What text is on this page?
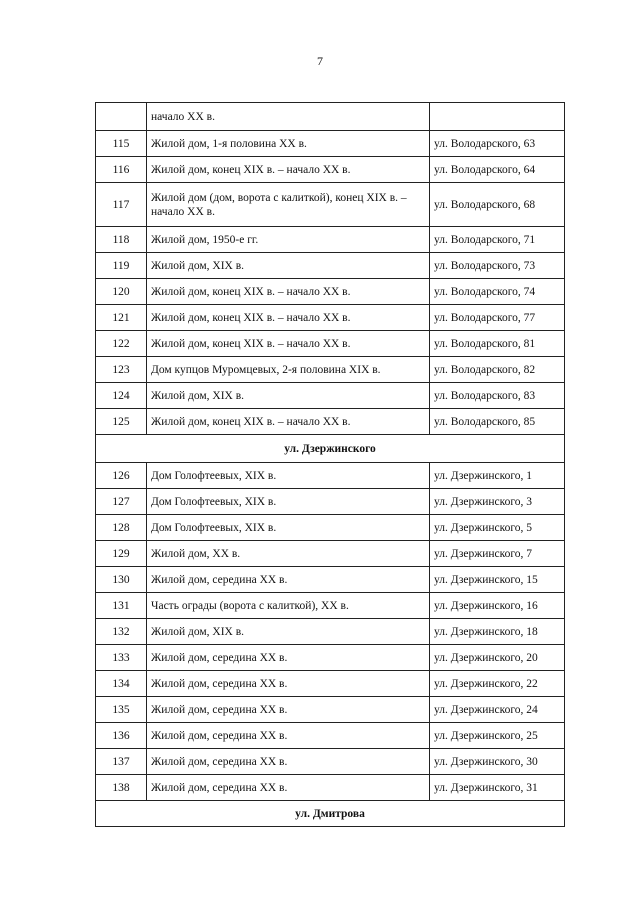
7
	начало XX в.	
115	Жилой дом, 1-я половина XX в.	ул. Володарского, 63
116	Жилой дом, конец XIX в. – начало XX в.	ул. Володарского, 64
117	Жилой дом (дом, ворота с калиткой), конец XIX в. – начало XX в.	ул. Володарского, 68
118	Жилой дом, 1950-е гг.	ул. Володарского, 71
119	Жилой дом, XIX в.	ул. Володарского, 73
120	Жилой дом, конец XIX в. – начало XX в.	ул. Володарского, 74
121	Жилой дом, конец XIX в. – начало XX в.	ул. Володарского, 77
122	Жилой дом, конец XIX в. – начало XX в.	ул. Володарского, 81
123	Дом купцов Муромцевых, 2-я половина XIX в.	ул. Володарского, 82
124	Жилой дом, XIX в.	ул. Володарского, 83
125	Жилой дом, конец XIX в. – начало XX в.	ул. Володарского, 85
ул. Дзержинского		
126	Дом Голофтеевых, XIX в.	ул. Дзержинского, 1
127	Дом Голофтеевых, XIX в.	ул. Дзержинского, 3
128	Дом Голофтеевых, XIX в.	ул. Дзержинского, 5
129	Жилой дом, XX в.	ул. Дзержинского, 7
130	Жилой дом, середина XX в.	ул. Дзержинского, 15
131	Часть ограды (ворота с калиткой), XX в.	ул. Дзержинского, 16
132	Жилой дом, XIX в.	ул. Дзержинского, 18
133	Жилой дом, середина XX в.	ул. Дзержинского, 20
134	Жилой дом, середина XX в.	ул. Дзержинского, 22
135	Жилой дом, середина XX в.	ул. Дзержинского, 24
136	Жилой дом, середина XX в.	ул. Дзержинского, 25
137	Жилой дом, середина XX в.	ул. Дзержинского, 30
138	Жилой дом, середина XX в.	ул. Дзержинского, 31
ул. Дмитрова		
